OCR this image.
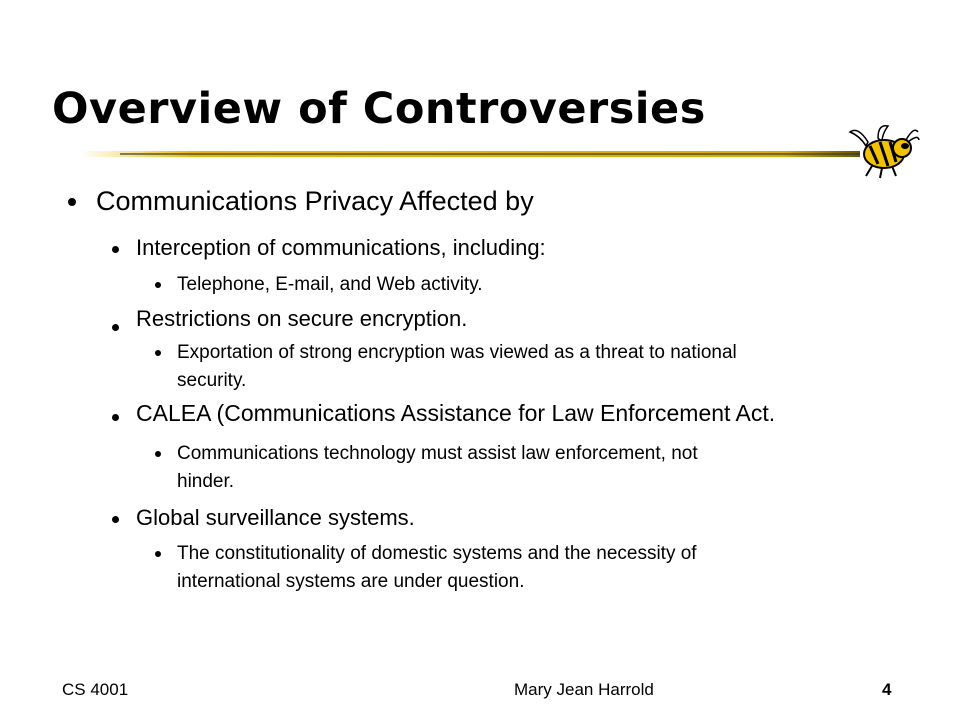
Overview of Controversies
Communications Privacy Affected by
Interception of communications, including:
Telephone, E-mail, and Web activity.
Restrictions on secure encryption.
Exportation of strong encryption was viewed as a threat to national
security.
CALEA (Communications Assistance for Law Enforcement Act.
Communications technology must assist law enforcement, not
hinder.
Global surveillance systems.
The constitutionality of domestic systems and the necessity of
international systems are under question.
CS 4001	Mary Jean Harrold	4
